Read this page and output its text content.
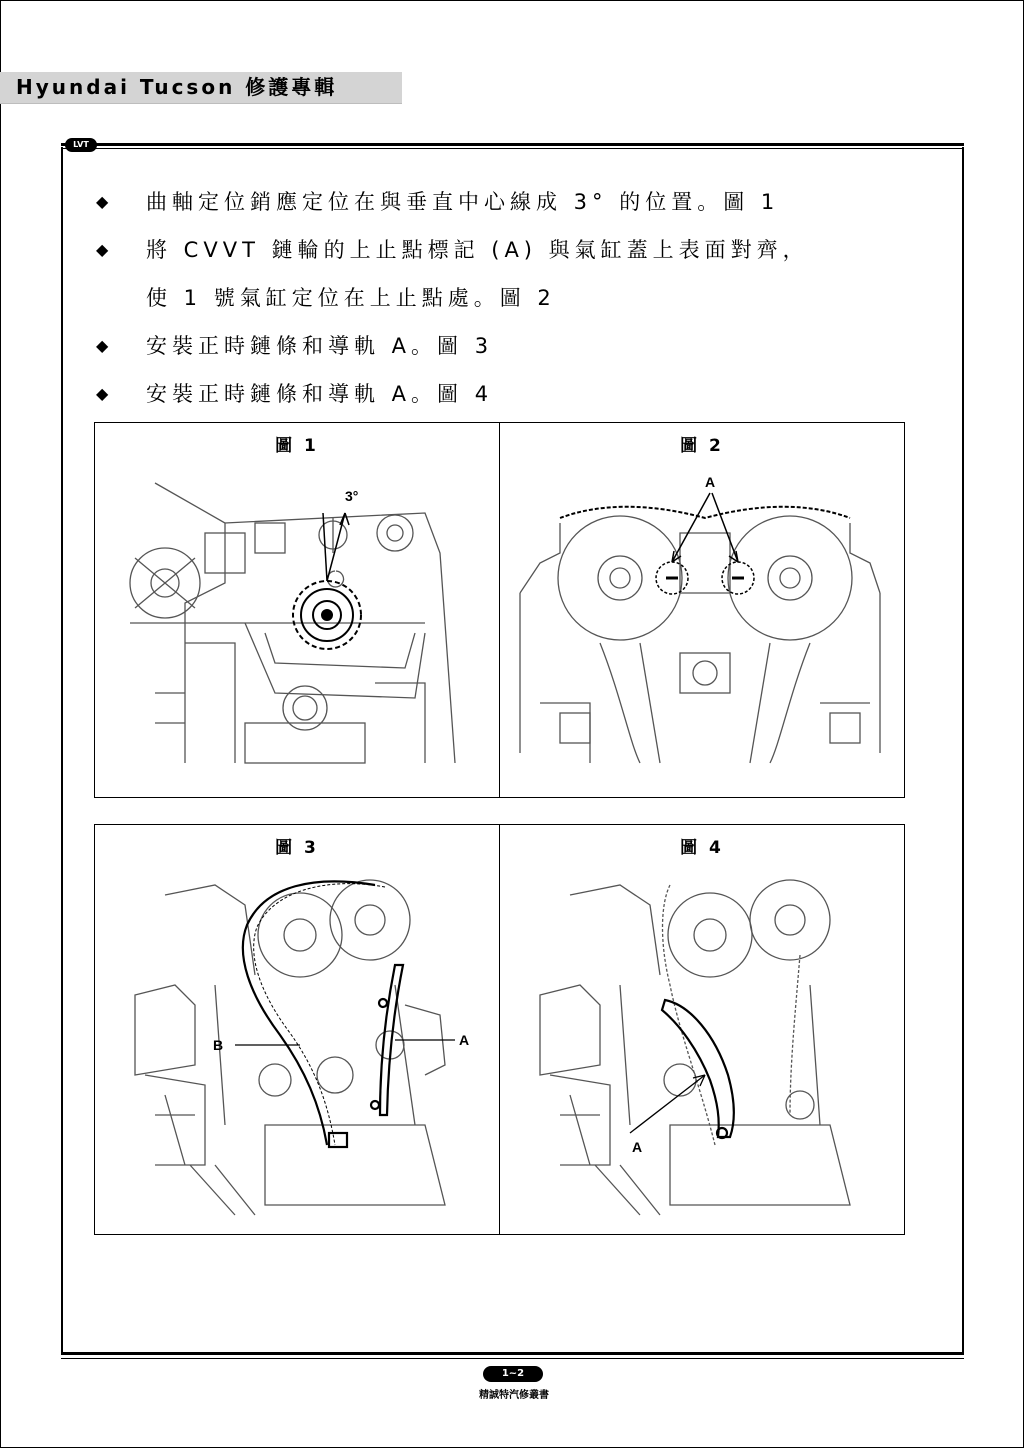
Hyundai Tucson 修護專輯
LVT
◆ 曲軸定位銷應定位在與垂直中心線成 3° 的位置。圖 1
◆ 將 CVVT 鏈輪的上止點標記 (A) 與氣缸蓋上表面對齊，
使 1 號氣缸定位在上止點處。圖 2
◆ 安裝正時鏈條和導軌 A。圖 3
◆ 安裝正時鏈條和導軌 A。圖 4
圖 1
3°
圖 2
A
圖 3
B	A
圖 4
A
1~2
精誠特汽修叢書
